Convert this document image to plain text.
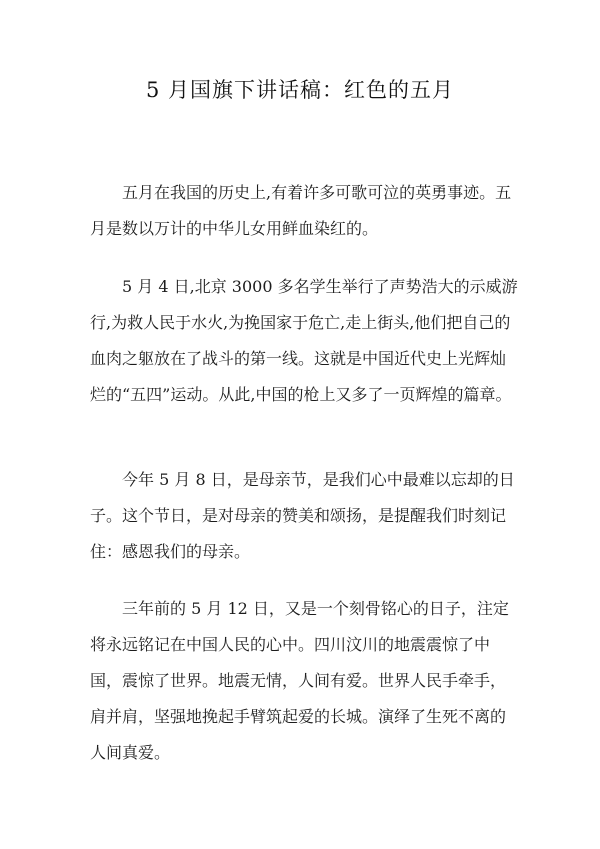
5 月国旗下讲话稿：红色的五月

五月在我国的历史上,有着许多可歌可泣的英勇事迹。五月是数以万计的中华儿女用鲜血染红的。

5 月 4 日,北京 3000 多名学生举行了声势浩大的示威游行,为救人民于水火,为挽国家于危亡,走上街头,他们把自己的血肉之躯放在了战斗的第一线。这就是中国近代史上光辉灿烂的“五四”运动。从此,中国的枪上又多了一页辉煌的篇章。

今年 5 月 8 日，是母亲节，是我们心中最难以忘却的日子。这个节日，是对母亲的赞美和颂扬，是提醒我们时刻记住：感恩我们的母亲。

三年前的 5 月 12 日，又是一个刻骨铭心的日子，注定将永远铭记在中国人民的心中。四川汶川的地震震惊了中国，震惊了世界。地震无情，人间有爱。世界人民手牵手，肩并肩，坚强地挽起手臂筑起爱的长城。演绎了生死不离的人间真爱。
